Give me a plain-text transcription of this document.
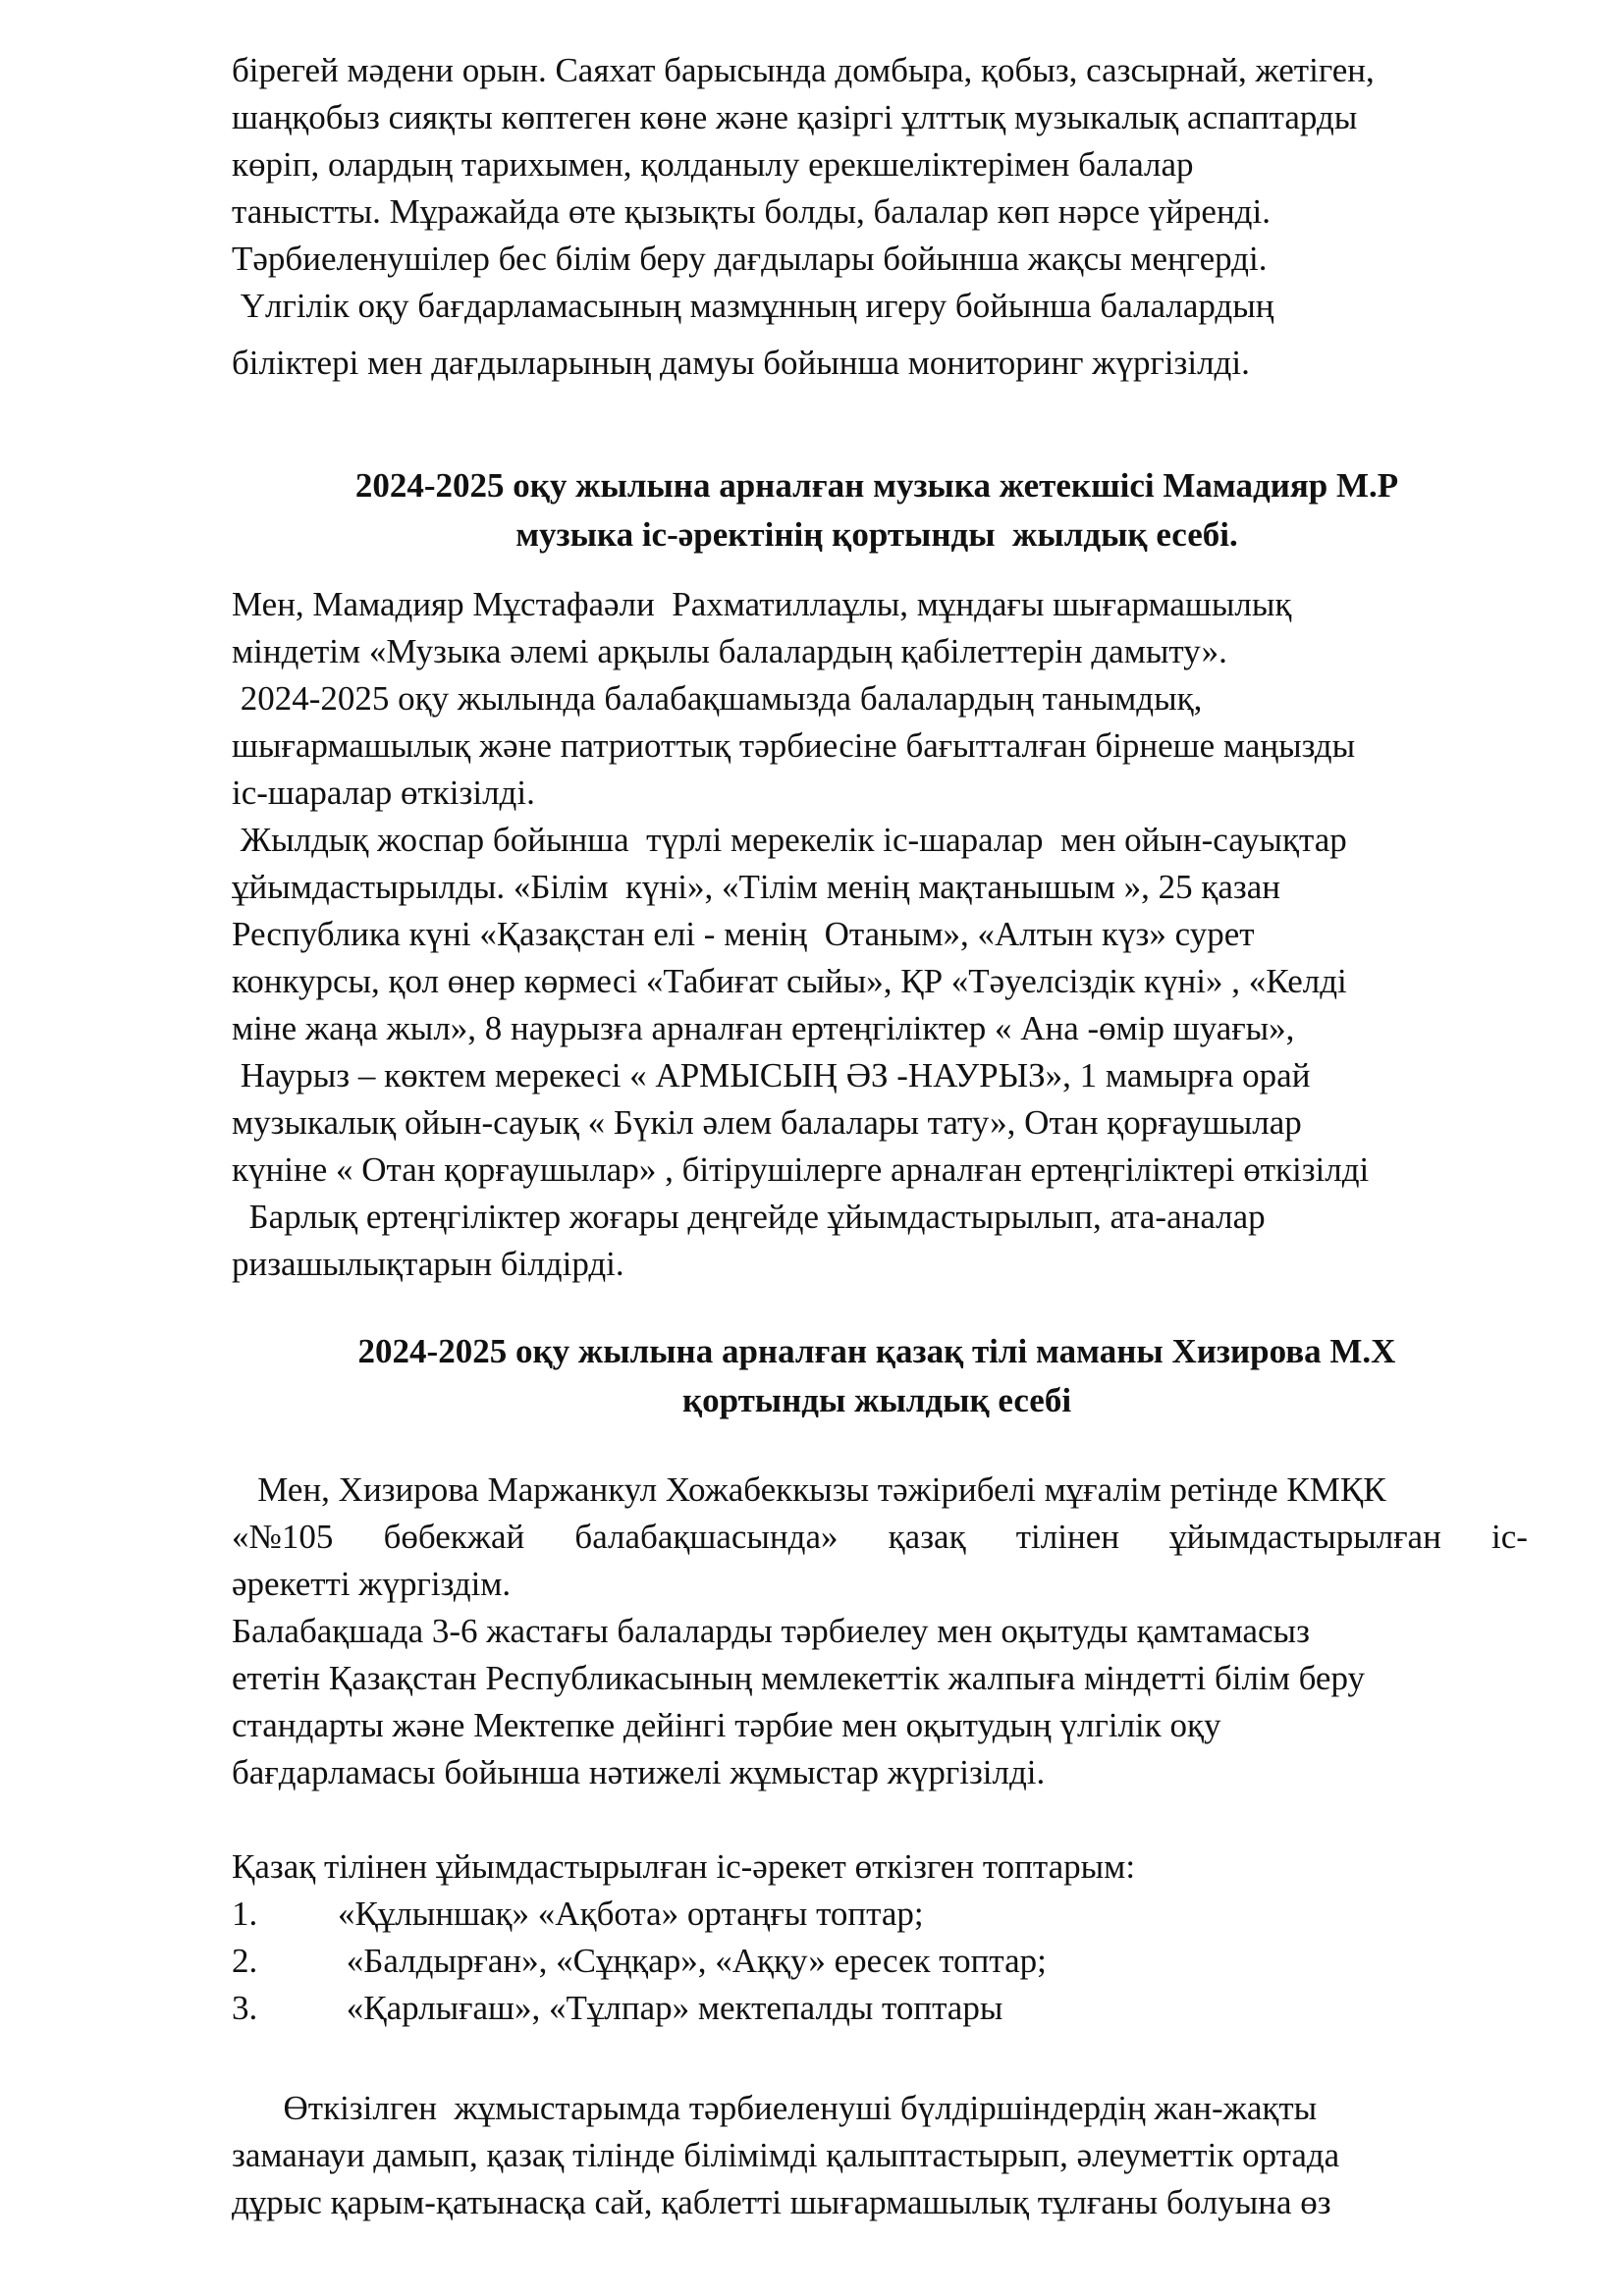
бірегей мәдени орын. Саяхат барысында домбыра, қобыз, сазсырнай, жетіген,
шаңқобыз сияқты көптеген көне және қазіргі ұлттық музыкалық аспаптарды
көріп, олардың тарихымен, қолданылу ерекшеліктерімен балалар
таныстты. Мұражайда өте қызықты болды, балалар көп нәрсе үйренді.
Тәрбиеленушілер бес білім беру дағдылары бойынша жақсы меңгерді.
Үлгілік оқу бағдарламасының мазмұнның игеру бойынша балалардың
біліктері мен дағдыларының дамуы бойынша мониторинг жүргізілді.
2024-2025 оқу жылына арналған музыка жетекшісі Мамадияр М.Р
музыка іс-әректінің қортынды  жылдық есебі.
Мен, Мамадияр Мұстафаәли  Рахматиллаұлы, мұндағы шығармашылық
міндетім «Музыка әлемі арқылы балалардың қабілеттерін дамыту».
2024-2025 оқу жылында балабақшамызда балалардың танымдық,
шығармашылық және патриоттық тәрбиесіне бағытталған бірнеше маңызды
іс-шаралар өткізілді.
Жылдық жоспар бойынша  түрлі мерекелік іс-шаралар  мен ойын-сауықтар
ұйымдастырылды. «Білім  күні», «Тілім менің мақтанышым », 25 қазан
Республика күні «Қазақстан елі - менің  Отаным», «Алтын күз» сурет
конкурсы, қол өнер көрмесі «Табиғат сыйы», ҚР «Тәуелсіздік күні» , «Келді
міне жаңа жыл», 8 наурызға арналған ертеңгіліктер « Ана -өмір шуағы»,
Наурыз – көктем мерекесі « АРМЫСЫҢ ӘЗ -НАУРЫЗ», 1 мамырға орай
музыкалық ойын-сауық « Бүкіл әлем балалары тату», Отан қорғаушылар
күніне « Отан қорғаушылар» , бітірушілерге арналған ертеңгіліктері өткізілді
Барлық ертеңгіліктер жоғары деңгейде ұйымдастырылып, ата-аналар
ризашылықтарын білдірді.
2024-2025 оқу жылына арналған қазақ тілі маманы Хизирова М.Х
қортынды жылдық есебі
Мен, Хизирова Маржанкул Хожабеккызы тәжірибелі мұғалім ретінде КМҚК
«№105 бөбекжай балабақшасында» қазақ тілінен ұйымдастырылған іс-
әрекетті жүргіздім.
Балабақшада 3-6 жастағы балаларды тәрбиелеу мен оқытуды қамтамасыз
ететін Қазақстан Республикасының мемлекеттік жалпыға міндетті білім беру
стандарты және Мектепке дейінгі тәрбие мен оқытудың үлгілік оқу
бағдарламасы бойынша нәтижелі жұмыстар жүргізілді.
Қазақ тілінен ұйымдастырылған іс-әрекет өткізген топтарым:
1.	«Құлыншақ» «Ақбота» ортаңғы топтар;
2.	«Балдырған», «Сұңқар», «Аққу» ересек топтар;
3.	«Қарлығаш», «Тұлпар» мектепалды топтары
Өткізілген  жұмыстарымда тәрбиеленуші бүлдіршіндердің жан-жақты
заманауи дамып, қазақ тілінде білімімді қалыптастырып, әлеуметтік ортада
дұрыс қарым-қатынасқа сай, қаблетті шығармашылық тұлғаны болуына өз
